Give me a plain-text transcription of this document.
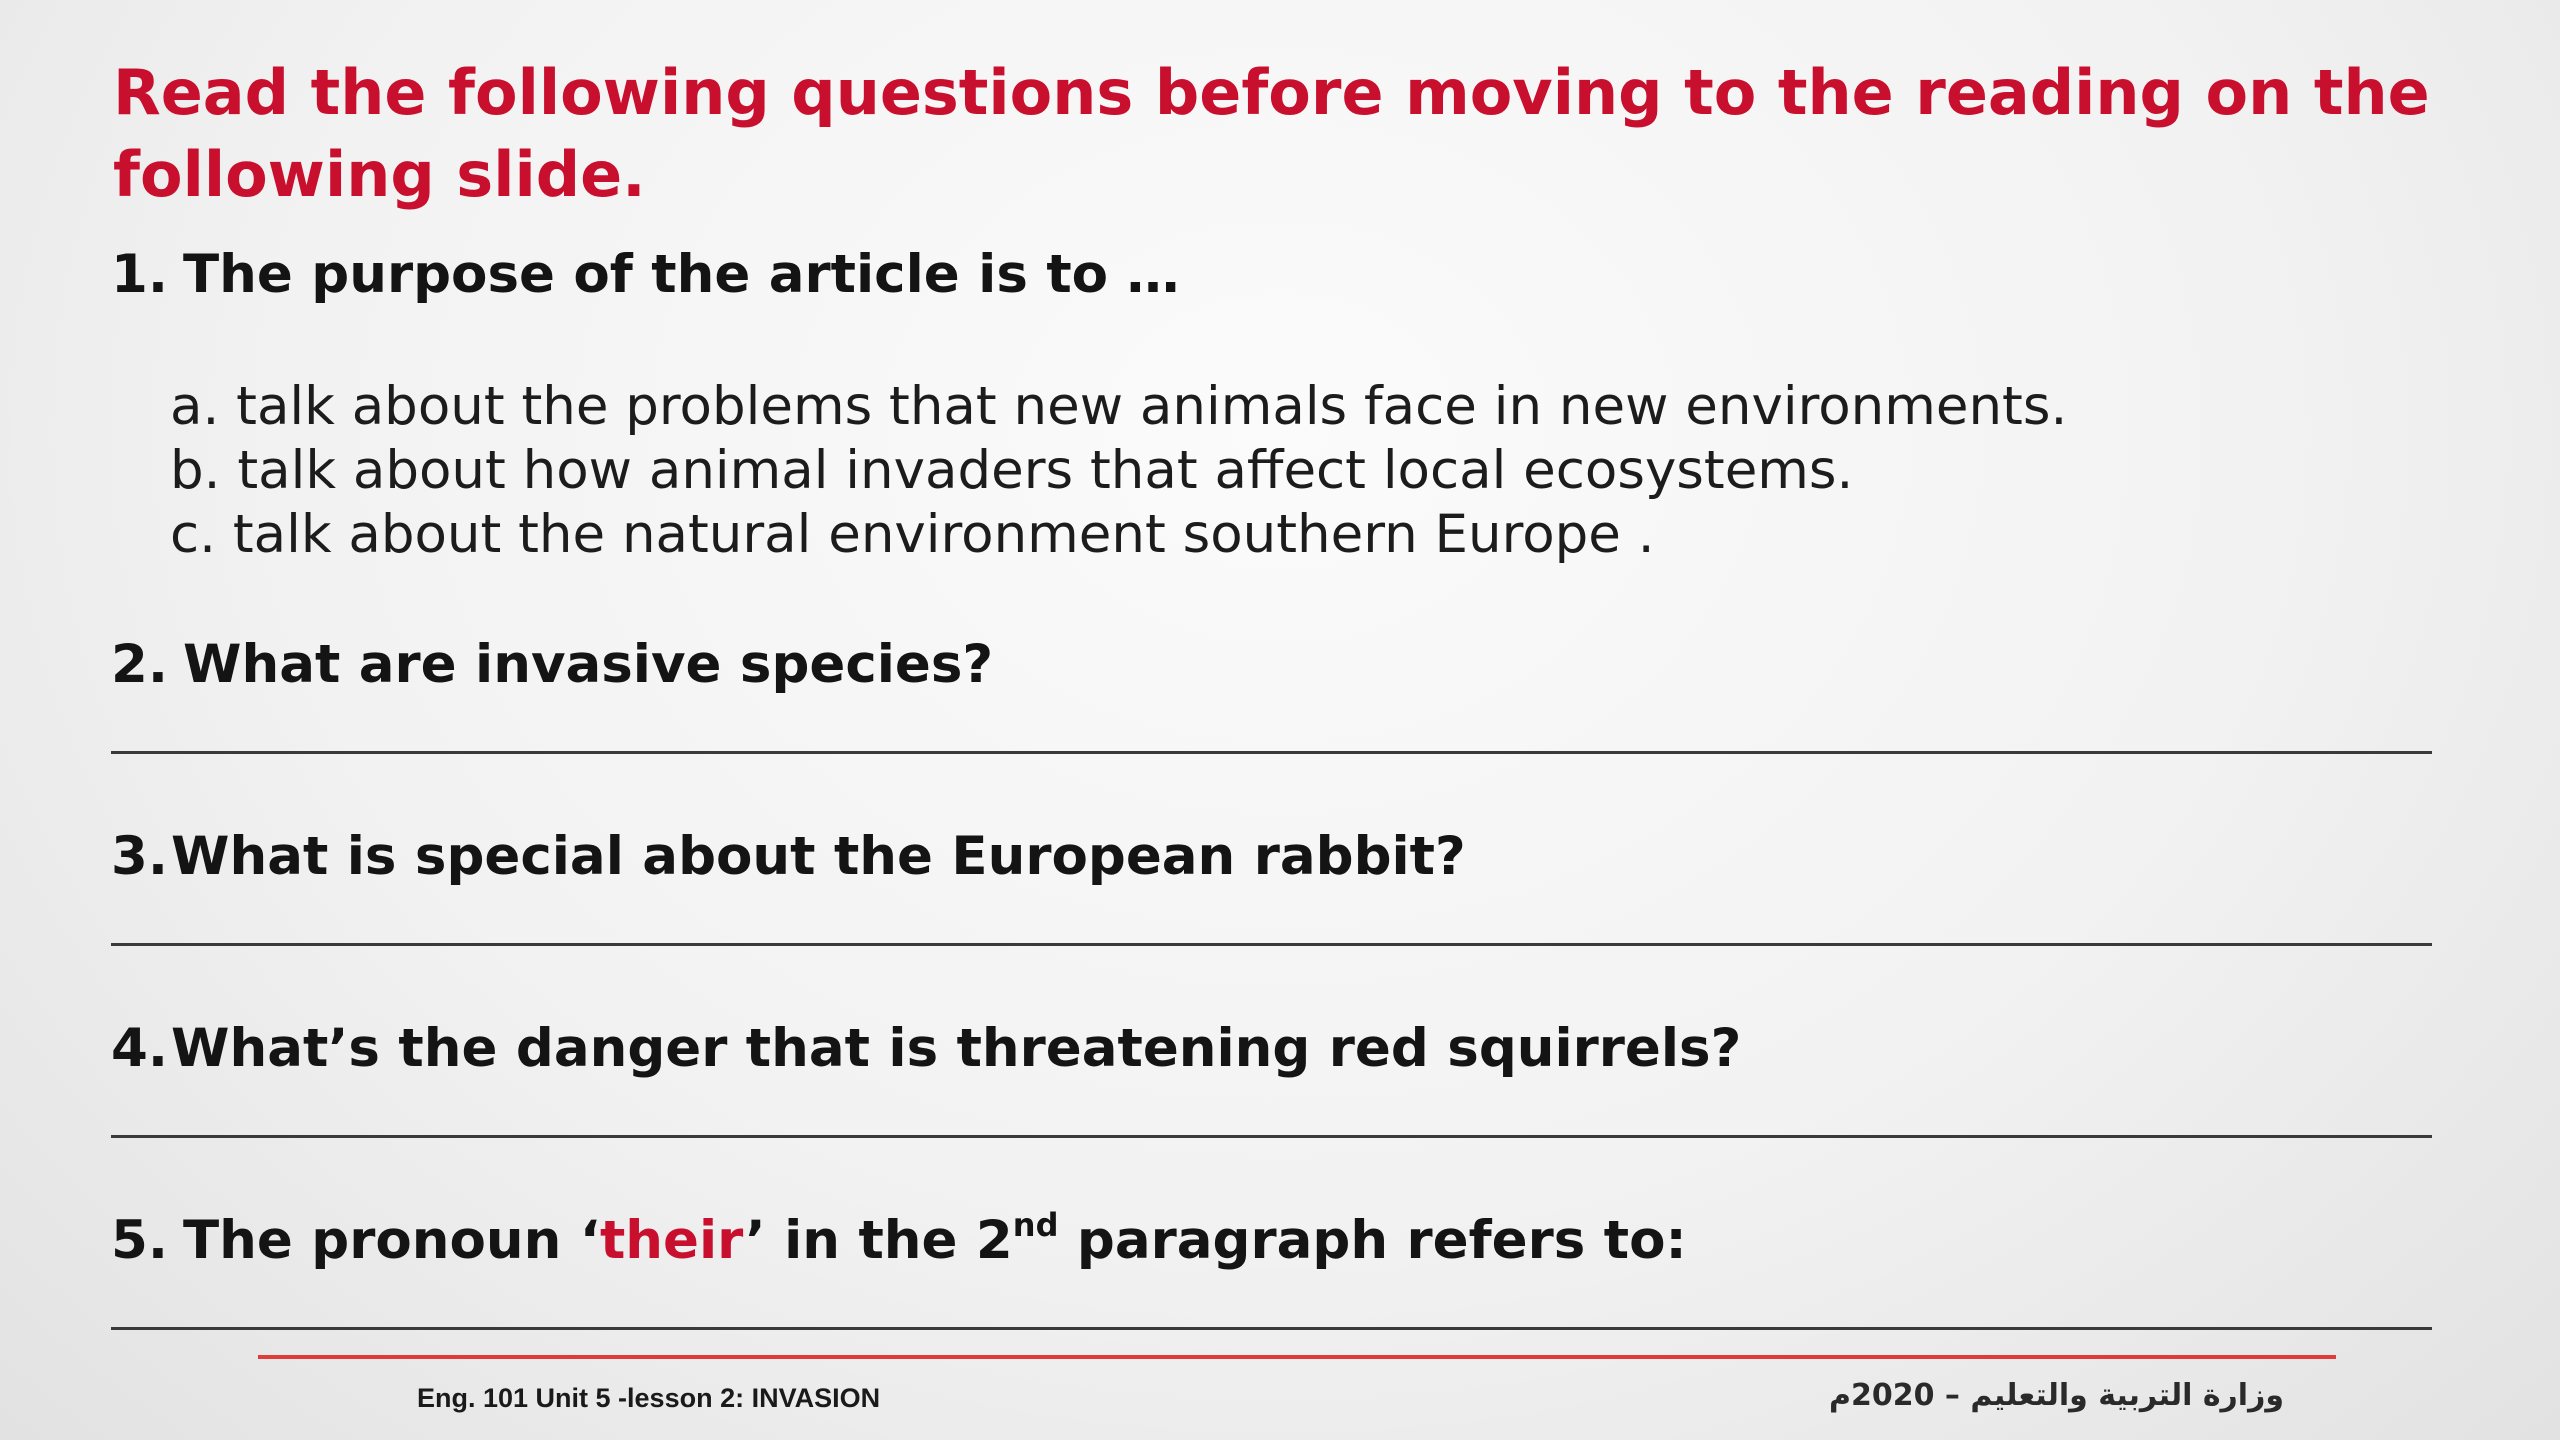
Read the following questions before moving to the reading on the following slide.

1. The purpose of the article is to …

a. talk about the problems that new animals face in new environments.
b. talk about how animal invaders that affect local ecosystems.
c. talk about the natural environment southern Europe .

2. What are invasive species?

3.What is special about the European rabbit?

4.What’s the danger that is threatening red squirrels?

5. The pronoun ‘their’ in the 2nd paragraph refers to:

Eng. 101 Unit 5 -lesson 2: INVASION	وزارة التربية والتعليم – 2020م
